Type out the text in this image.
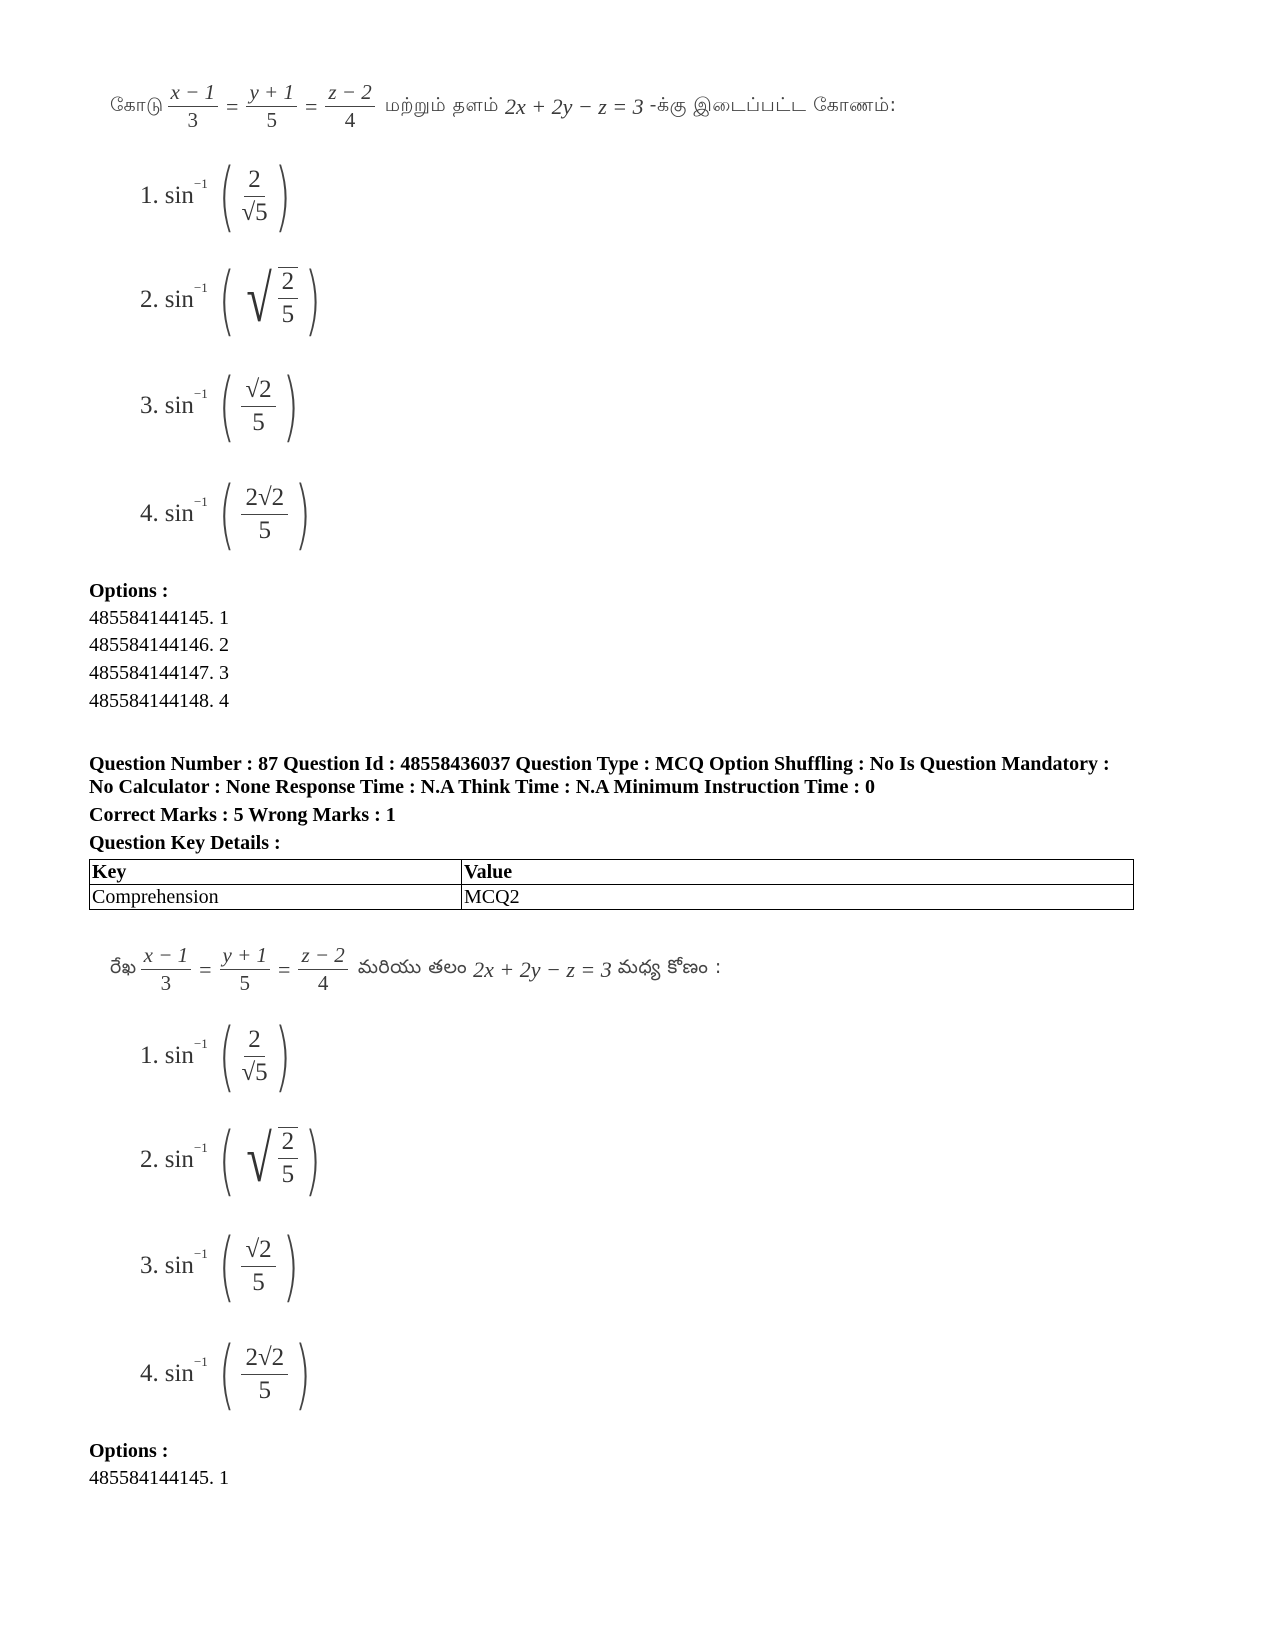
கோடு $\frac{x - 1}{3} = \frac{y + 1}{5} = \frac{z - 2}{4}$ மற்றும் தளம் 2x + 2y − z = 3 -க்கு இடைப்பட்ட கோணம்:
1. sin −1 ( $\frac{2}{√5}$ )
2. sin −1 ( √ 2
5 )
3. sin −1 ( $\frac{√2}{5}$ )
4. sin −1 ( $\frac{2√2}{5}$ )
Options :
485584144145. 1
485584144146. 2
485584144147. 3
485584144148. 4
Question Number : 87 Question Id : 48558436037 Question Type : MCQ Option Shuffling : No Is Question Mandatory :
No Calculator : None Response Time : N.A Think Time : N.A Minimum Instruction Time : 0
Correct Marks : 5 Wrong Marks : 1
Question Key Details :
Key	Value
Comprehension	MCQ2
రేఖ $\frac{x - 1}{3} = \frac{y + 1}{5} = \frac{z - 2}{4}$ మరియు తలం 2x + 2y − z = 3 మధ్య కోణం :
1. sin −1 ( $\frac{2}{√5}$ )
2. sin −1 ( √ 2
5 )
3. sin −1 ( $\frac{√2}{5}$ )
4. sin −1 ( $\frac{2√2}{5}$ )
Options :
485584144145. 1
